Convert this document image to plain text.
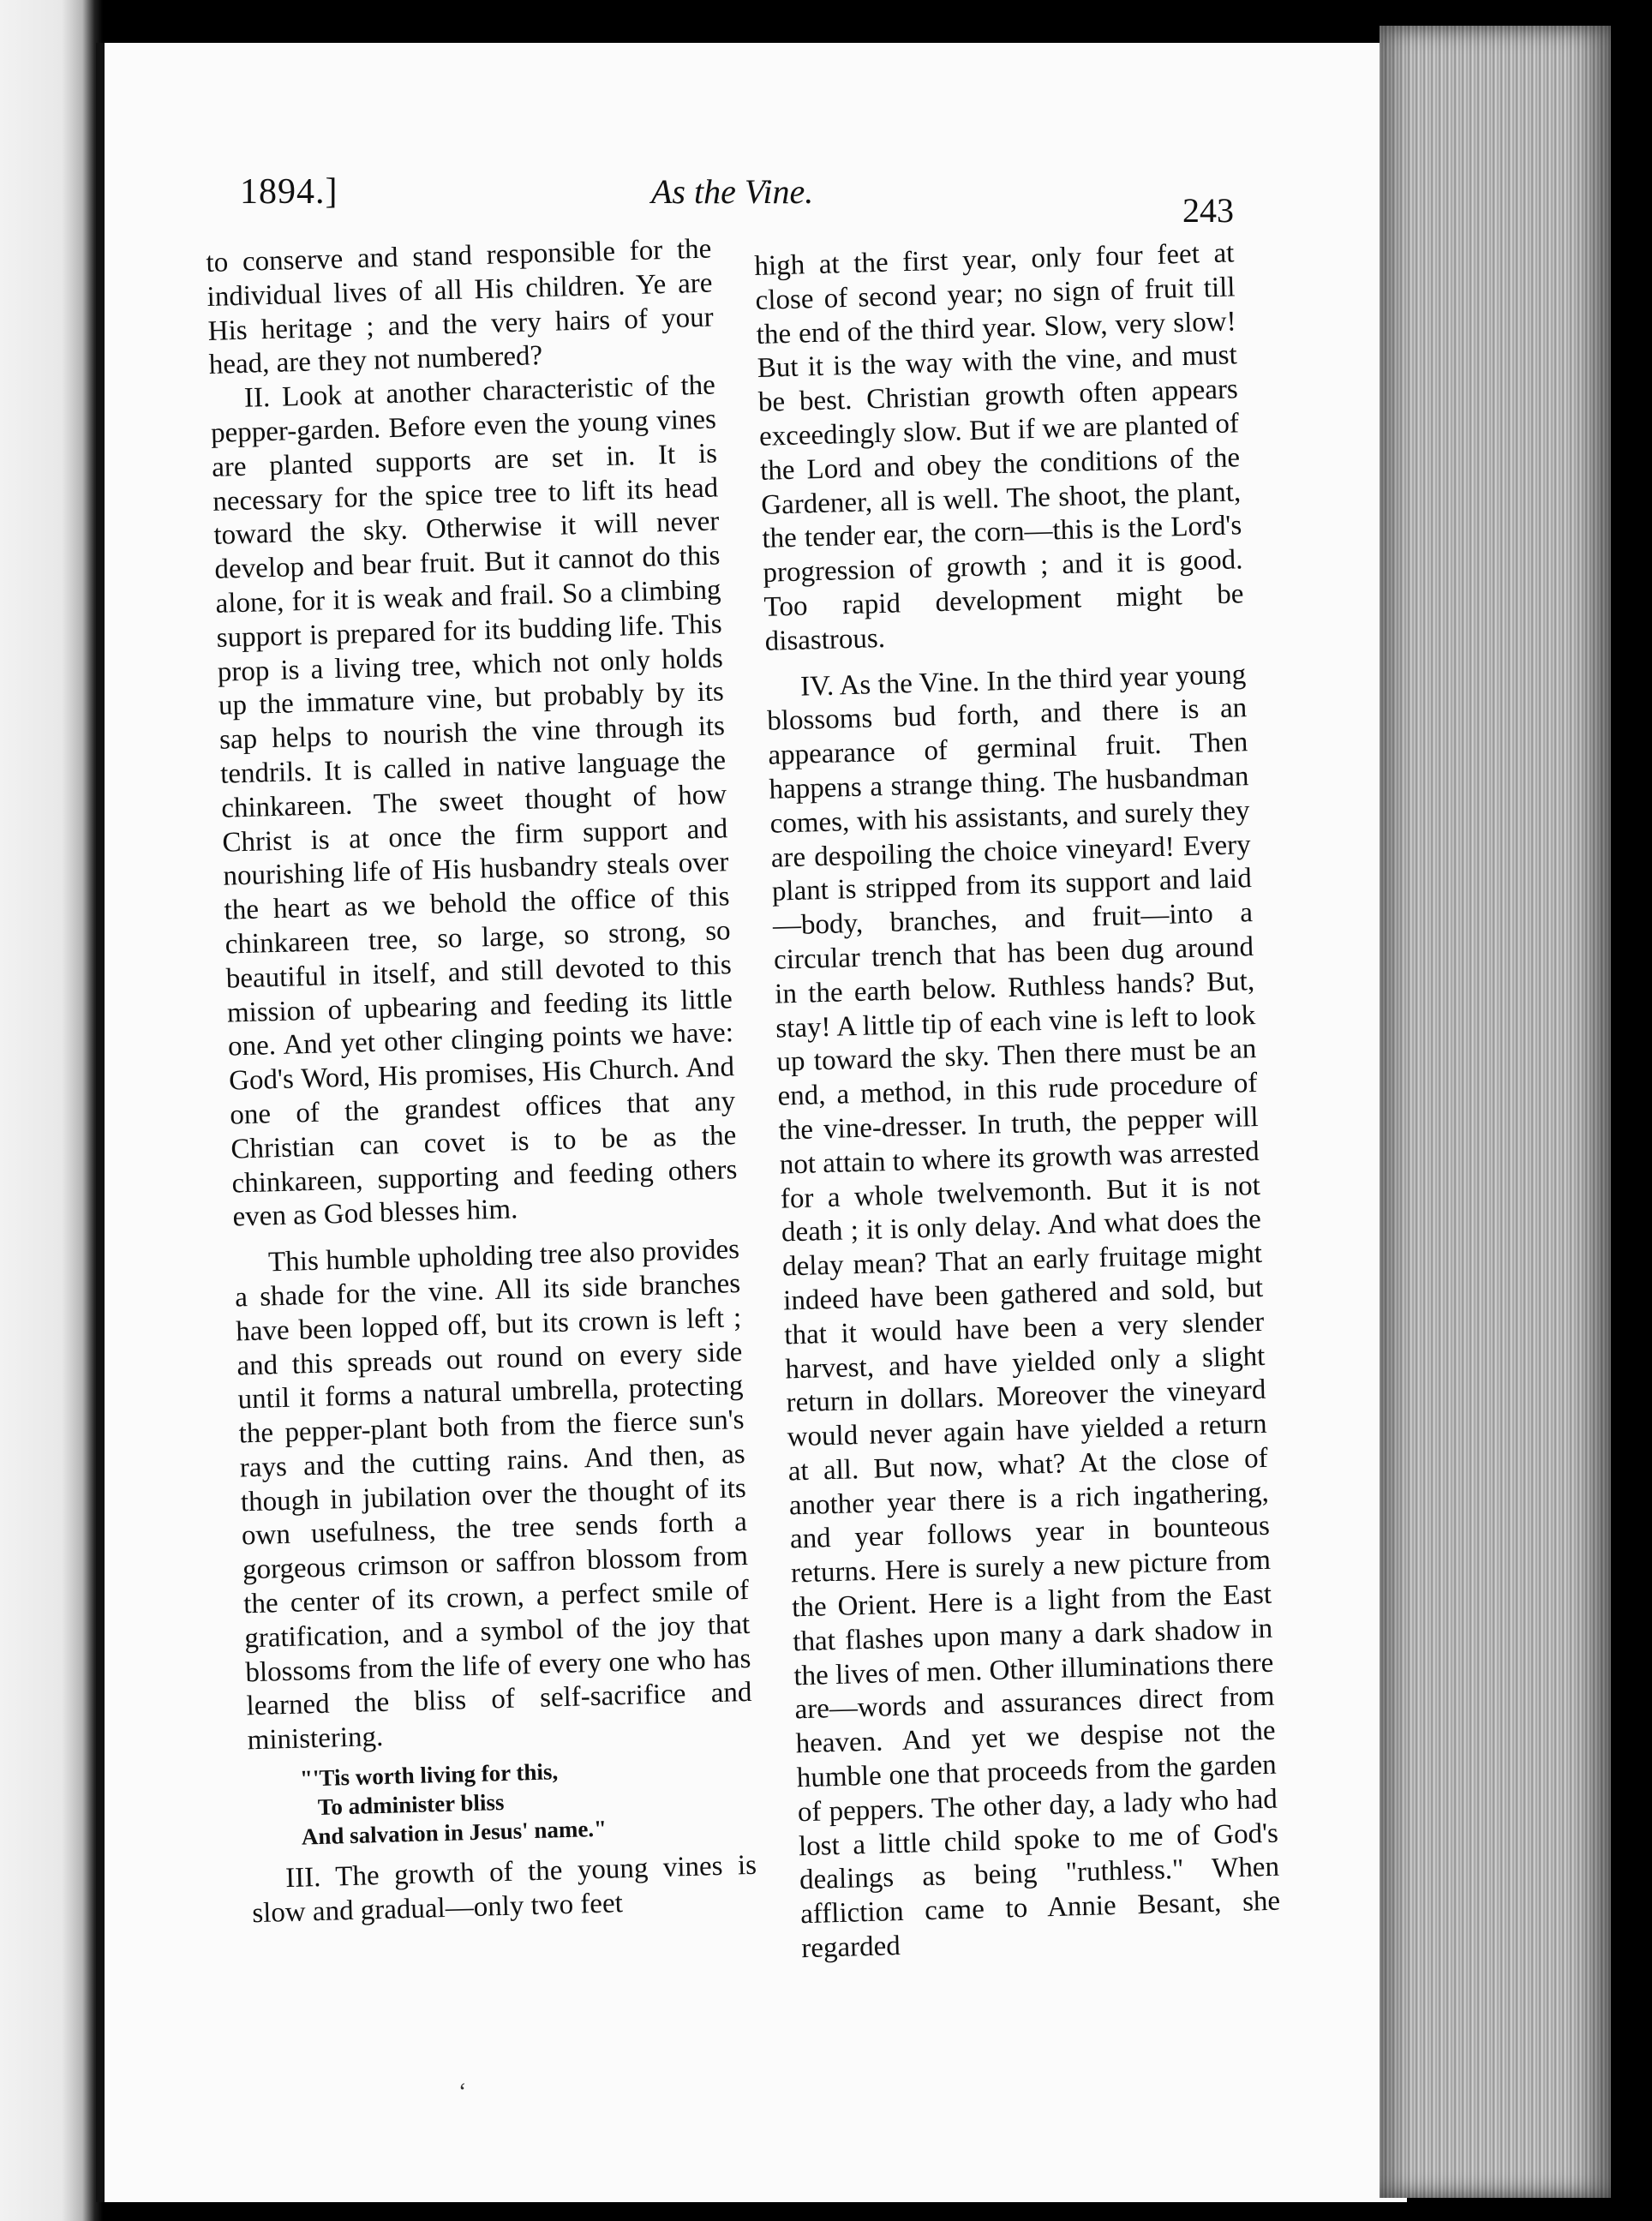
1894.]	As the Vine.	243

to conserve and stand responsible for the individual lives of all His children. Ye are His heritage ; and the very hairs of your head, are they not numbered?

II. Look at another characteristic of the pepper-garden. Before even the young vines are planted supports are set in. It is necessary for the spice tree to lift its head toward the sky. Otherwise it will never develop and bear fruit. But it cannot do this alone, for it is weak and frail. So a climbing support is prepared for its budding life. This prop is a living tree, which not only holds up the immature vine, but probably by its sap helps to nourish the vine through its tendrils. It is called in native language the chinkareen. The sweet thought of how Christ is at once the firm support and nourishing life of His husbandry steals over the heart as we behold the office of this chinkareen tree, so large, so strong, so beautiful in itself, and still devoted to this mission of upbearing and feeding its little one. And yet other clinging points we have: God's Word, His promises, His Church. And one of the grandest offices that any Christian can covet is to be as the chinkareen, supporting and feeding others even as God blesses him.

This humble upholding tree also provides a shade for the vine. All its side branches have been lopped off, but its crown is left ; and this spreads out round on every side until it forms a natural umbrella, protecting the pepper-plant both from the fierce sun's rays and the cutting rains. And then, as though in jubilation over the thought of its own usefulness, the tree sends forth a gorgeous crimson or saffron blossom from the center of its crown, a perfect smile of gratification, and a symbol of the joy that blossoms from the life of every one who has learned the bliss of self-sacrifice and ministering.

"'Tis worth living for this,
To administer bliss
And salvation in Jesus' name."

III. The growth of the young vines is slow and gradual—only two feet

high at the first year, only four feet at close of second year; no sign of fruit till the end of the third year. Slow, very slow! But it is the way with the vine, and must be best. Christian growth often appears exceedingly slow. But if we are planted of the Lord and obey the conditions of the Gardener, all is well. The shoot, the plant, the tender ear, the corn—this is the Lord's progression of growth ; and it is good. Too rapid development might be disastrous.

IV. As the Vine. In the third year young blossoms bud forth, and there is an appearance of germinal fruit. Then happens a strange thing. The husbandman comes, with his assistants, and surely they are despoiling the choice vineyard! Every plant is stripped from its support and laid—body, branches, and fruit—into a circular trench that has been dug around in the earth below. Ruthless hands? But, stay! A little tip of each vine is left to look up toward the sky. Then there must be an end, a method, in this rude procedure of the vine-dresser. In truth, the pepper will not attain to where its growth was arrested for a whole twelvemonth. But it is not death ; it is only delay. And what does the delay mean? That an early fruitage might indeed have been gathered and sold, but that it would have been a very slender harvest, and have yielded only a slight return in dollars. Moreover the vineyard would never again have yielded a return at all. But now, what? At the close of another year there is a rich ingathering, and year follows year in bounteous returns. Here is surely a new picture from the Orient. Here is a light from the East that flashes upon many a dark shadow in the lives of men. Other illuminations there are—words and assurances direct from heaven. And yet we despise not the humble one that proceeds from the garden of peppers. The other day, a lady who had lost a little child spoke to me of God's dealings as being "ruthless." When affliction came to Annie Besant, she regarded

‘
